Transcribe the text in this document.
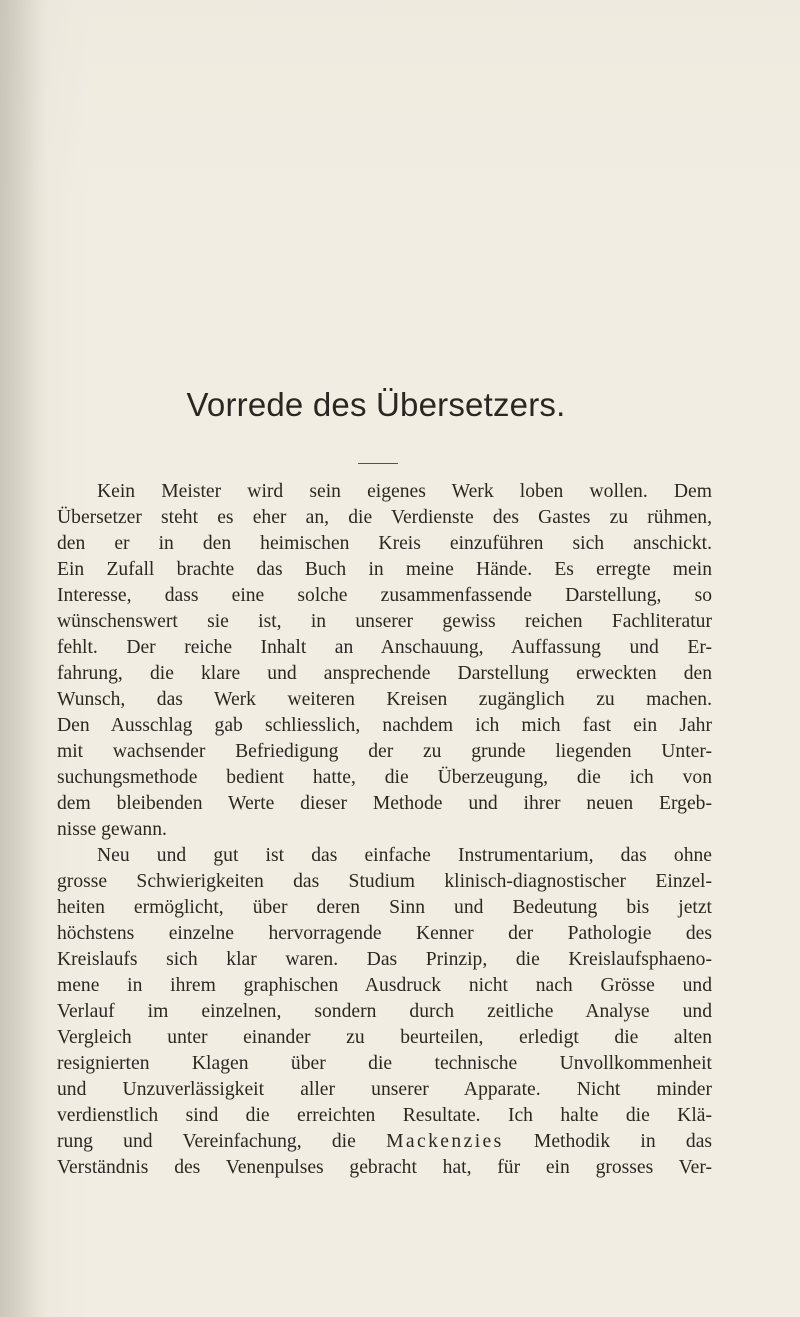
Vorrede des Übersetzers.
Kein Meister wird sein eigenes Werk loben wollen. Dem
Übersetzer steht es eher an, die Verdienste des Gastes zu rühmen,
den er in den heimischen Kreis einzuführen sich anschickt.
Ein Zufall brachte das Buch in meine Hände. Es erregte mein
Interesse, dass eine solche zusammenfassende Darstellung, so
wünschenswert sie ist, in unserer gewiss reichen Fachliteratur
fehlt. Der reiche Inhalt an Anschauung, Auffassung und Er-
fahrung, die klare und ansprechende Darstellung erweckten den
Wunsch, das Werk weiteren Kreisen zugänglich zu machen.
Den Ausschlag gab schliesslich, nachdem ich mich fast ein Jahr
mit wachsender Befriedigung der zu grunde liegenden Unter-
suchungsmethode bedient hatte, die Überzeugung, die ich von
dem bleibenden Werte dieser Methode und ihrer neuen Ergeb-
nisse gewann.
Neu und gut ist das einfache Instrumentarium, das ohne
grosse Schwierigkeiten das Studium klinisch-diagnostischer Einzel-
heiten ermöglicht, über deren Sinn und Bedeutung bis jetzt
höchstens einzelne hervorragende Kenner der Pathologie des
Kreislaufs sich klar waren. Das Prinzip, die Kreislaufsphaeno-
mene in ihrem graphischen Ausdruck nicht nach Grösse und
Verlauf im einzelnen, sondern durch zeitliche Analyse und
Vergleich unter einander zu beurteilen, erledigt die alten
resignierten Klagen über die technische Unvollkommenheit
und Unzuverlässigkeit aller unserer Apparate. Nicht minder
verdienstlich sind die erreichten Resultate. Ich halte die Klä-
rung und Vereinfachung, die Mackenzies Methodik in das
Verständnis des Venenpulses gebracht hat, für ein grosses Ver-
